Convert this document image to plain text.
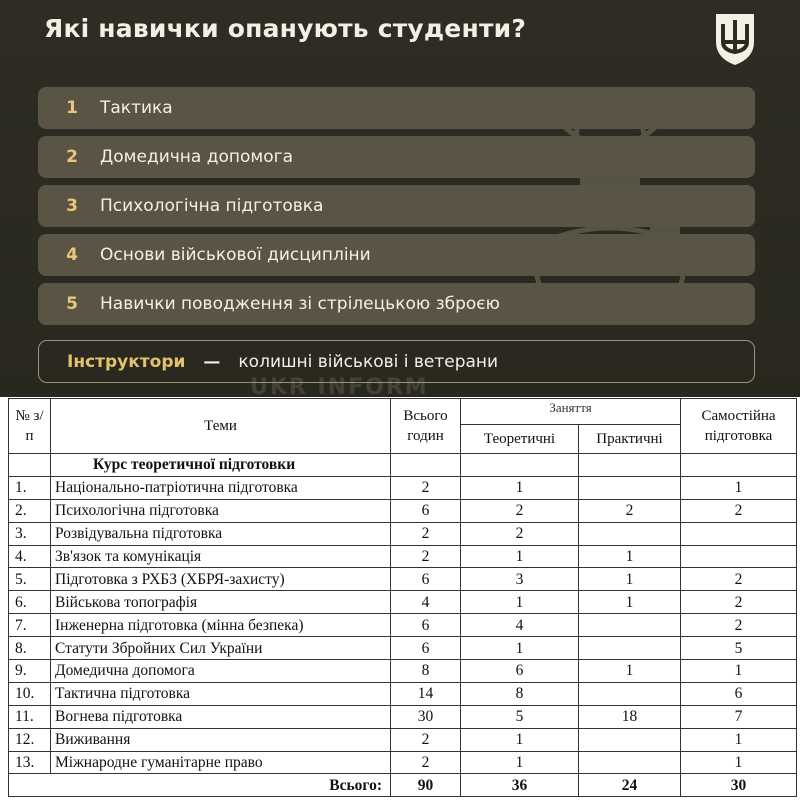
UKR INFORM
Які навички опанують студенти?
1	Тактика
2	Домедична допомога
3	Психологічна підготовка
4	Основи військової дисципліни
5	Навички поводження зі стрілецькою зброєю
Інструктори — колишні військові і ветерани
№ з/п	Теми	Всього годин	Заняття		Самостійна підготовка
			Теоретичні	Практичні	
	Курс теоретичної підготовки				
1.	Національно-патріотична підготовка	2	1		1
2.	Психологічна підготовка	6	2	2	2
3.	Розвідувальна підготовка	2	2		
4.	Зв'язок та комунікація	2	1	1	
5.	Підготовка з РХБЗ (ХБРЯ-захисту)	6	3	1	2
6.	Військова топографія	4	1	1	2
7.	Інженерна підготовка (мінна безпека)	6	4		2
8.	Статути Збройних Сил України	6	1		5
9.	Домедична допомога	8	6	1	1
10.	Тактична підготовка	14	8		6
11.	Вогнева підготовка	30	5	18	7
12.	Виживання	2	1		1
13.	Міжнародне гуманітарне право	2	1		1
Всього:		90	36	24	30
